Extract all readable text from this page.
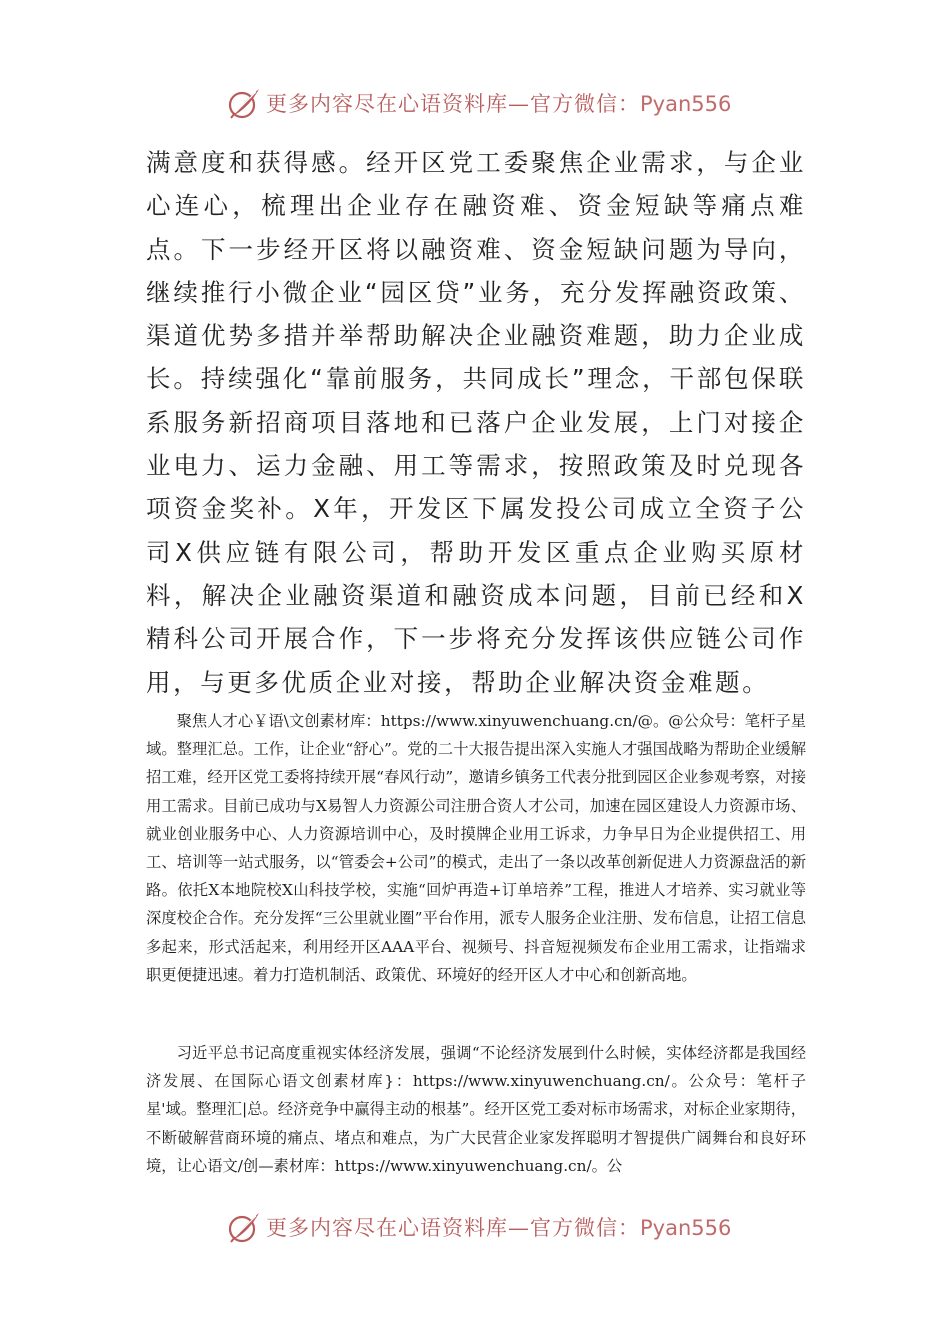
更多内容尽在心语资料库—官方微信：Pyan556

满意度和获得感。经开区党工委聚焦企业需求，与企业心连心，梳理出企业存在融资难、资金短缺等痛点难点。下一步经开区将以融资难、资金短缺问题为导向，继续推行小微企业“园区贷”业务，充分发挥融资政策、渠道优势多措并举帮助解决企业融资难题，助力企业成长。持续强化“靠前服务，共同成长”理念，干部包保联系服务新招商项目落地和已落户企业发展，上门对接企业电力、运力金融、用工等需求，按照政策及时兑现各项资金奖补。X年，开发区下属发投公司成立全资子公司X供应链有限公司，帮助开发区重点企业购买原材料，解决企业融资渠道和融资成本问题，目前已经和X精科公司开展合作，下一步将充分发挥该供应链公司作用，与更多优质企业对接，帮助企业解决资金难题。

聚焦人才心￥语\文创素材库：https://www.xinyuwenchuang.cn/@。@公众号：笔杆子星域。整理汇总。工作，让企业“舒心”。党的二十大报告提出深入实施人才强国战略为帮助企业缓解招工难，经开区党工委将持续开展“春风行动”，邀请乡镇务工代表分批到园区企业参观考察，对接用工需求。目前已成功与X易智人力资源公司注册合资人才公司，加速在园区建设人力资源市场、就业创业服务中心、人力资源培训中心，及时摸牌企业用工诉求，力争早日为企业提供招工、用工、培训等一站式服务，以“管委会+公司”的模式，走出了一条以改革创新促进人力资源盘活的新路。依托X本地院校X山科技学校，实施“回炉再造+订单培养”工程，推进人才培养、实习就业等深度校企合作。充分发挥“三公里就业圈”平台作用，派专人服务企业注册、发布信息，让招工信息多起来，形式活起来，利用经开区AAA平台、视频号、抖音短视频发布企业用工需求，让指端求职更便捷迅速。着力打造机制活、政策优、环境好的经开区人才中心和创新高地。

习近平总书记高度重视实体经济发展，强调“不论经济发展到什么时候，实体经济都是我国经济发展、在国际心语文创素材库}：https://www.xinyuwenchuang.cn/。公众号：笔杆子星'域。整理汇|总。经济竞争中赢得主动的根基”。经开区党工委对标市场需求，对标企业家期待，不断破解营商环境的痛点、堵点和难点，为广大民营企业家发挥聪明才智提供广阔舞台和良好环境，让心语文/创—素材库：https://www.xinyuwenchuang.cn/。公

更多内容尽在心语资料库—官方微信：Pyan556
